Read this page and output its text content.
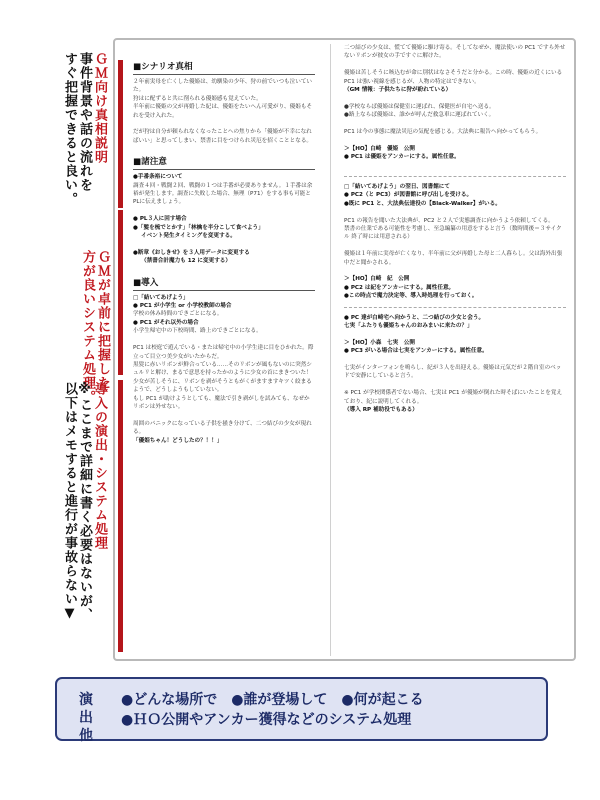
ＧＭ向け真相説明
事件背景や話の流れを
すぐ把握できると良い。
ＧＭが卓前に把握した
方が良いシステム処理。
導入の演出・システム処理
※ここまで詳細に書く必要はないが、
以下はメモすると進行が事故らない▼
■シナリオ真相

２年前実母を亡くした優姫は、幼馴染の少年、狩の前でいつも泣いていた。

狩はに配ずると共に削られる優姫感も覚えていた。

半年前に優姫の父が再婚した紀は、優姫をたいへん可愛がり、優姫もそれを受け入れた。

だが狩は自分が頼られなくなったことへの焦りから「優姫が不幸になればいい」と思ってしまい、禁書に目をつけられ災厄を招くこととなる。

■諸注意

●手番条裕について

調査４回・戦闘２回、戦闘の１つは手番が必要ありません。１手番は余裕が発生します。調査に失敗した場合、無理（P71）をする事も可能とPLに伝えましょう。

● PL３人に回す場合

●「髪を梳でとかす」「林檎を半分こして食べよう」

イベント発生タイミングを変更する。

●断章《おしきせ》を３人用データに変更する

（禁書合計魔力も 12 に変更する）

■導入

□「結いてあげよう」

● PC1 が小学生 or 小学校教師の場合

学校の休み時間のできごとになる。

● PC1 がそれ以外の場合

小学生帰宅中の下校時間、路上のできごとになる。

PC1 は校庭で遊んでいる・または帰宅中の小学生達に目をひかれた。際立って目立つ美少女がいたからだ。

黒髪に赤いリボンが鮮合っている……そのリボンが風もないのに突然シュルリと解け、まるで意思を持ったかのように少女の首にまきついた！

少女が苦しそうに、リボンを剥がそうともがくがますますキツく絞まるようで、どうしようもしていない。

もし PC1 が助けようとしても、魔法で引き剥がしを試みても、なぜかリボンは外せない。

周囲のパニックになっている子供を掻き分けて、二つ結びの少女が現れる。

「優姫ちゃん！どうしたの？！！」

二つ結びの少女は、慌てて優姫に駆け寄る。そしてなぜか、魔法使いの PC1 ですら外せないリボンが彼女の手ですぐに解けた。

優姫は苦しそうに咳込むが命に別状はなさそうだと分かる。この時、優姫の近くにいる PC1 は強い視線を感じるが、人物の特定はできない。

（GM 情報：子供たちに狩が紛れている）

●学校ならば優姫は保健室に運ばれ、保健医が自宅へ送る。

●路上ならば優姫は、誰かが呼んだ救急車に運ばれていく。

PC1 は今の事態に魔法災厄の気配を感じる。大法典に報告へ向かってもらう。

＞【HO】白崎　優姫　公開

● PC1 は優姫をアンカーにする。属性任意。

□「結いてあげよう」の翌日、図書館にて

● PC2（と PC3）が図書館に呼び出しを受ける。

●既に PC1 と、大法典伝達役の【Black-Walker】がいる。

PC1 の報告を聞いた大法典が、PC2 と２人で実態調査に向かうよう依頼してくる。

禁書の仕業である可能性を考慮し、至急編纂の用意をすると言う（数時間後＝３サイクル 終了時には用意される）

優姫は１年前に実母が亡くなり、半年前に父が再婚した母と二人暮らし。父は海外出張中だと聞かされる。

＞【HO】白崎　紀　公開

● PC2 は紀をアンカーにする。属性任意。

●この時点で魔力決定等、導入時処理を行っておく。

● PC 達が白崎宅へ向かうと、二つ結びの少女と会う。

七実「ふたりも優姫ちゃんのおみまいに来たの？」

＞【HO】小森　七実　公開

● PC3 がいる場合は七実をアンカーにする。属性任意。

七実がインターフォンを鳴らし、紀が３人を出迎える。優姫は元気だが２階自室のベッドで安静にしていると言う。

※ PC1 が学校関係者でない場合、七実は PC1 が優姫が倒れた時そばにいたことを覚えており、紀に説明してくれる。

（導入 RP 補助役でもある）

演出他
●どんな場所で　●誰が登場して　●何が起こる
●ＨＯ公開やアンカー獲得などのシステム処理
